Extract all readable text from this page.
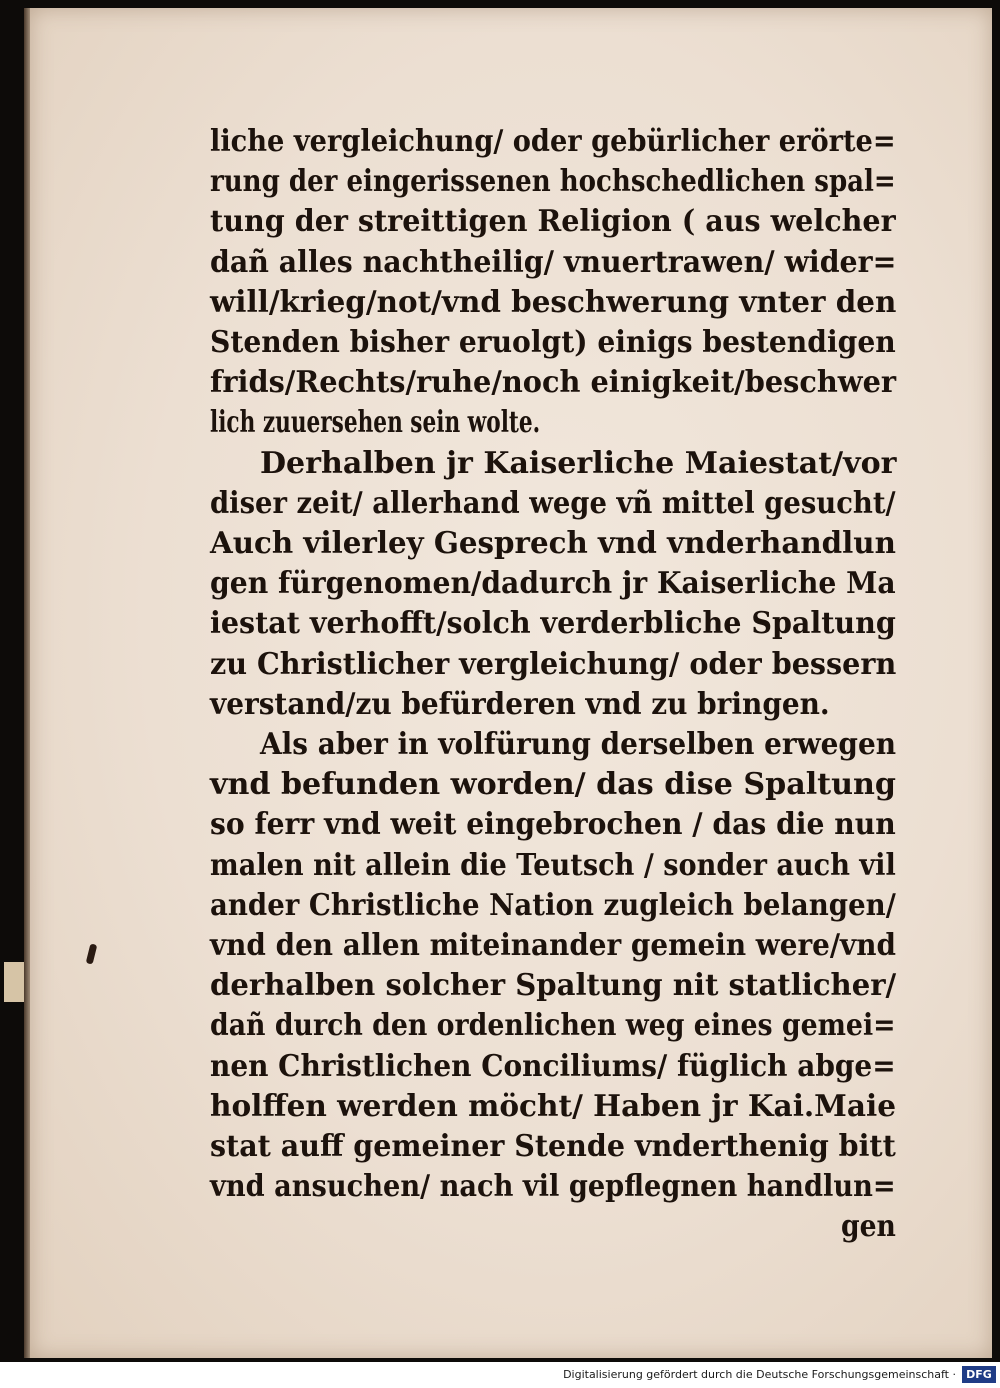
liche vergleichung/ oder gebürlicher erörte=
rung der eingerissenen hochschedlichen spal=
tung der streittigen Religion ( aus welcher
dañ alles nachtheilig/ vnuertrawen/ wider=
will/krieg/not/vnd beschwerung vnter den
Stenden bisher eruolgt) einigs bestendigen
frids/Rechts/ruhe/noch einigkeit/beschwer
lich zuuersehen sein wolte.
Derhalben jr Kaiserliche Maiestat/vor
diser zeit/ allerhand wege vñ mittel gesucht/
Auch vilerley Gesprech vnd vnderhandlun
gen fürgenomen/dadurch jr Kaiserliche Ma
iestat verhofft/solch verderbliche Spaltung
zu Christlicher vergleichung/ oder bessern
verstand/zu befürderen vnd zu bringen.
Als aber in volfürung derselben erwegen
vnd befunden worden/ das dise Spaltung
so ferr vnd weit eingebrochen / das die nun
malen nit allein die Teutsch / sonder auch vil
ander Christliche Nation zugleich belangen/
vnd den allen miteinander gemein were/vnd
derhalben solcher Spaltung nit statlicher/
dañ durch den ordenlichen weg eines gemei=
nen Christlichen Conciliums/ füglich abge=
holffen werden möcht/ Haben jr Kai.Maie
stat auff gemeiner Stende vnderthenig bitt
vnd ansuchen/ nach vil gepflegnen handlun=
gen
Digitalisierung gefördert durch die Deutsche Forschungsgemeinschaft · DFG
